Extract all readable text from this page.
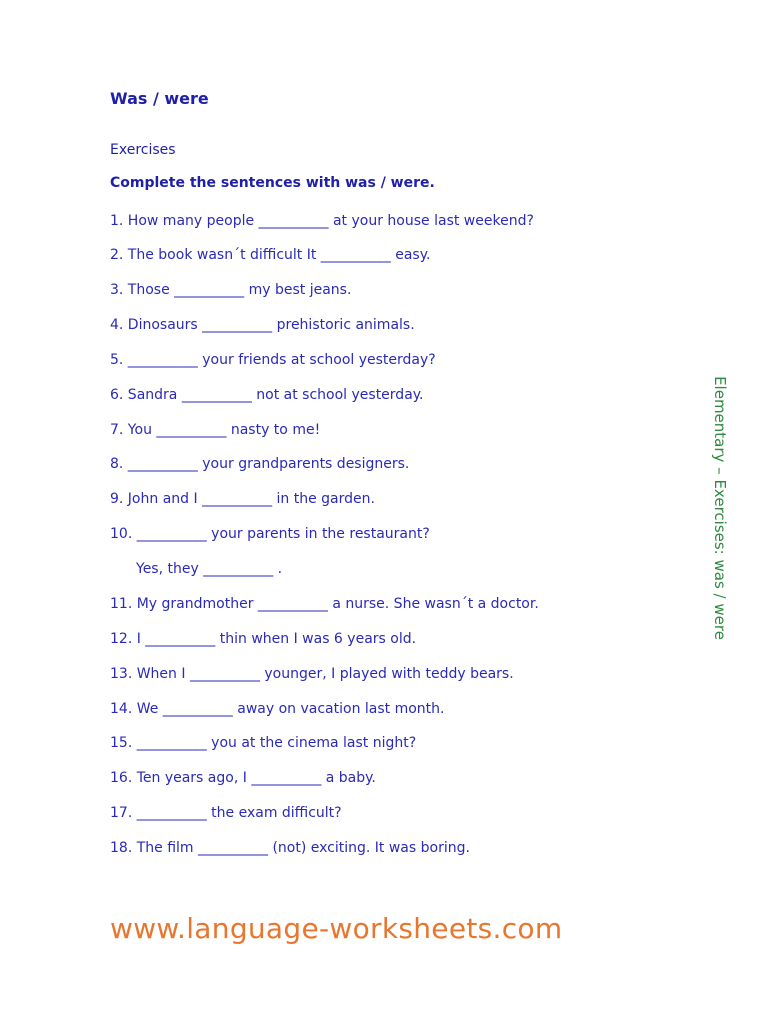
Was / were
Exercises
Complete the sentences with was / were.
1. How many people __________ at your house last weekend?
2. The book wasn´t difficult It __________ easy.
3. Those __________ my best jeans.
4. Dinosaurs __________ prehistoric animals.
5. __________ your friends at school yesterday?
6. Sandra __________ not at school yesterday.
7. You __________ nasty to me!
8. __________ your grandparents designers.
9. John and I __________ in the garden.
10. __________ your parents in the restaurant?
Yes, they __________ .
11. My grandmother __________ a nurse. She wasn´t a doctor.
12. I __________ thin when I was 6 years old.
13. When I __________ younger, I played with teddy bears.
14. We __________ away on vacation last month.
15. __________ you at the cinema last night?
16. Ten years ago, I __________ a baby.
17. __________ the exam difficult?
18. The film __________ (not) exciting. It was boring.
Elementary – Exercises: was / were
www.language-worksheets.com
